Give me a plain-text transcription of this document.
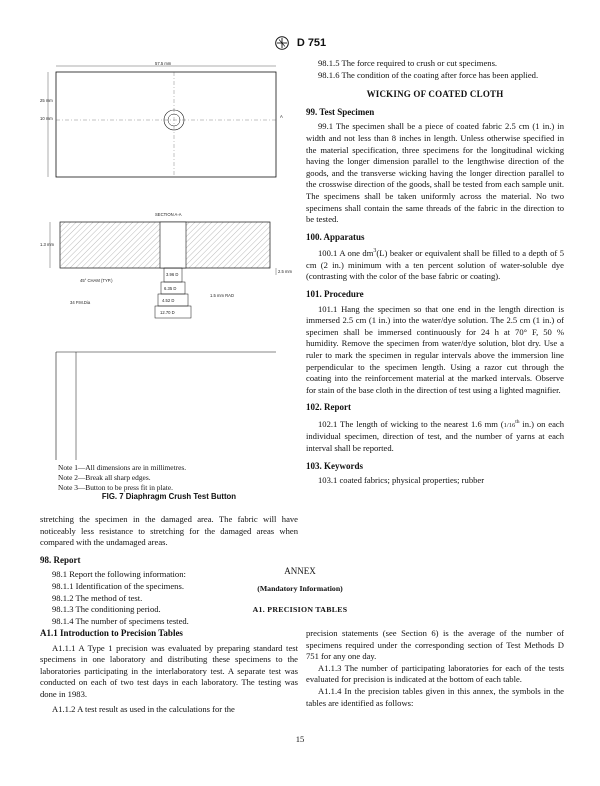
D 751
57.5 mm
25 mm
10 mm	A
SECTION A-A
1.3 mm
2.5 mm
45° CHAM (TYP.)
1.5 mm RAD
34 P.M.Dia
3.96 D
6.35 D
4.52 D
12.70 D

Note 1—All dimensions are in millimetres.

Note 2—Break all sharp edges.

Note 3—Button to be press fit in plate.

FIG. 7 Diaphragm Crush Test Button

stretching the specimen in the damaged area. The fabric will have noticeably less resistance to stretching for the damaged areas when compared with the undamaged areas.

98. Report

98.1 Report the following information:

98.1.1 Identification of the specimens.

98.1.2 The method of test.

98.1.3 The conditioning period.

98.1.4 The number of specimens tested.

98.1.5 The force required to crush or cut specimens.

98.1.6 The condition of the coating after force has been applied.

WICKING OF COATED CLOTH

99. Test Specimen

99.1 The specimen shall be a piece of coated fabric 2.5 cm (1 in.) in width and not less than 8 inches in length. Unless otherwise specified in the material specification, three specimens for the longitudinal wicking having the longer dimension parallel to the lengthwise direction of the goods, and the transverse wicking having the longer direction parallel to the crosswise direction of the goods, shall be tested from each sample unit. The specimens shall be taken uniformly across the material. No two specimens shall contain the same threads of the fabric in the direction to be tested.

100. Apparatus

100.1 A one $dm^3(L)$ beaker or equivalent shall be filled to a depth of 5 cm (2 in.) minimum with a ten percent solution of water-soluble dye (contrasting with the color of the base fabric or coating).

101. Procedure

101.1 Hang the specimen so that one end in the length direction is immersed 2.5 cm (1 in.) into the water/dye solution. The 2.5 cm (1 in.) of specimen shall be immersed continuously for 24 h at 70° F, 50 % humidity. Remove the specimen from water/dye solution, blot dry. Use a ruler to mark the specimen in regular intervals above the immersion line perpendicular to the specimen length. Using a razor cut through the coating into the reinforcement material at the marked intervals. Observe for stain of the base cloth in the direction of test using a lighted magnifier.

102. Report

102.1 The length of wicking to the nearest 1.6 mm (1/16th in.) on each individual specimen, direction of test, and the number of yarns at each interval shall be reported.

103. Keywords

103.1 coated fabrics; physical properties; rubber

ANNEX
(Mandatory Information)
A1. PRECISION TABLES

A1.1 Introduction to Precision Tables

A1.1.1 A Type 1 precision was evaluated by preparing standard test specimens in one laboratory and distributing these specimens to the laboratories participating in the interlaboratory test. A separate test was conducted on each of two test days in each laboratory. The testing was done in 1983.

A1.1.2 A test result as used in the calculations for the

precision statements (see Section 6) is the average of the number of specimens required under the corresponding section of Test Methods D 751 for any one day.

A1.1.3 The number of participating laboratories for each of the tests evaluated for precision is indicated at the bottom of each table.

A1.1.4 In the precision tables given in this annex, the symbols in the tables are identified as follows:

15
